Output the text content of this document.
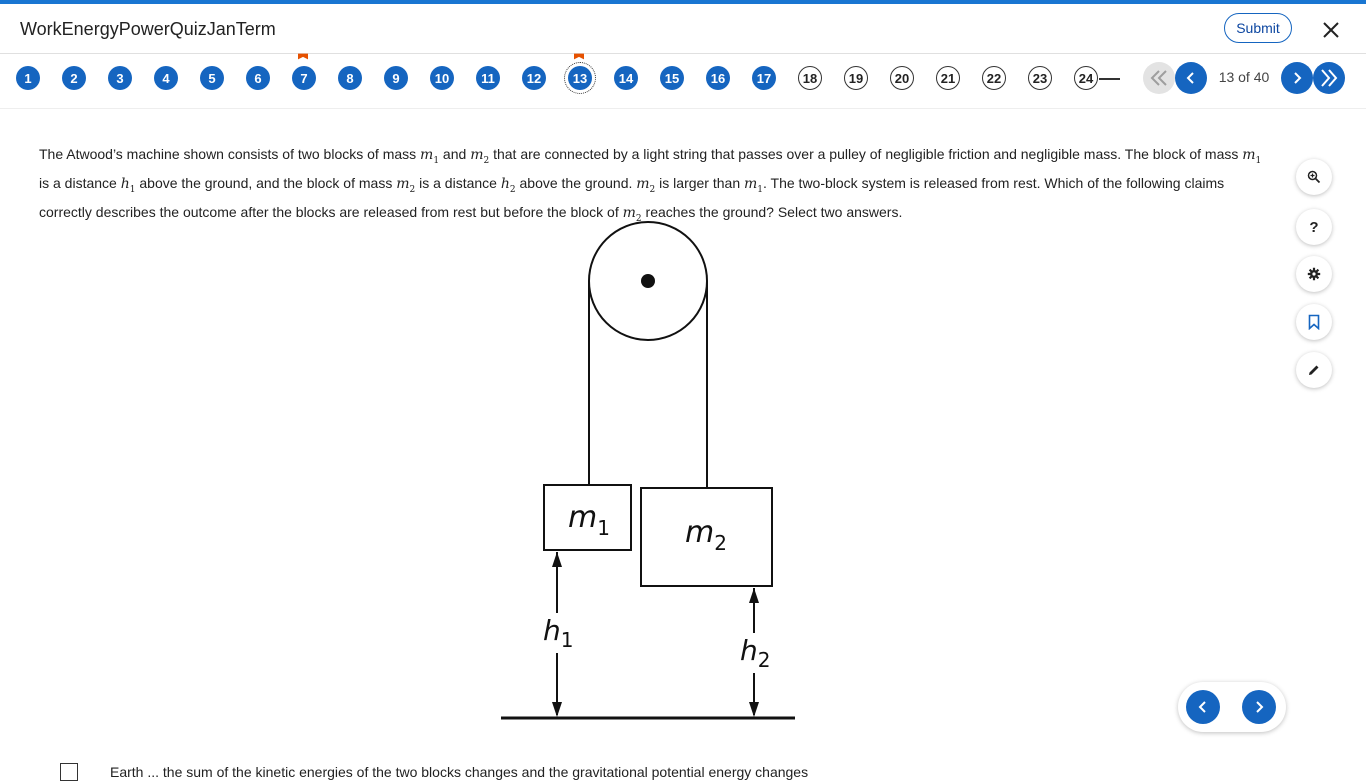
WorkEnergyPowerQuizJanTerm	Submit
13 of 40
1	2	3	4	5	6	7	8	9	10	11	12	13	14	15	16	17	18	19	20	21	22	23	24
The Atwood’s machine shown consists of two blocks of mass $m_1$ and $m_2$ that are connected by a light string that passes over a pulley of negligible friction and negligible mass. The block of mass $m_1$ is a distance $h_1$ above the ground, and the block of mass $m_2$ is a distance $h_2$ above the ground. $m_2$ is larger than $m_1$. The two-block system is released from rest. Which of the following claims correctly describes the outcome after the blocks are released from rest but before the block of $m_2$ reaches the ground? Select two answers.
?
$m_1$	$m_2$
$h_1$	$h_2$
Earth ... the sum of the kinetic energies of the two blocks changes and the gravitational potential energy changes
